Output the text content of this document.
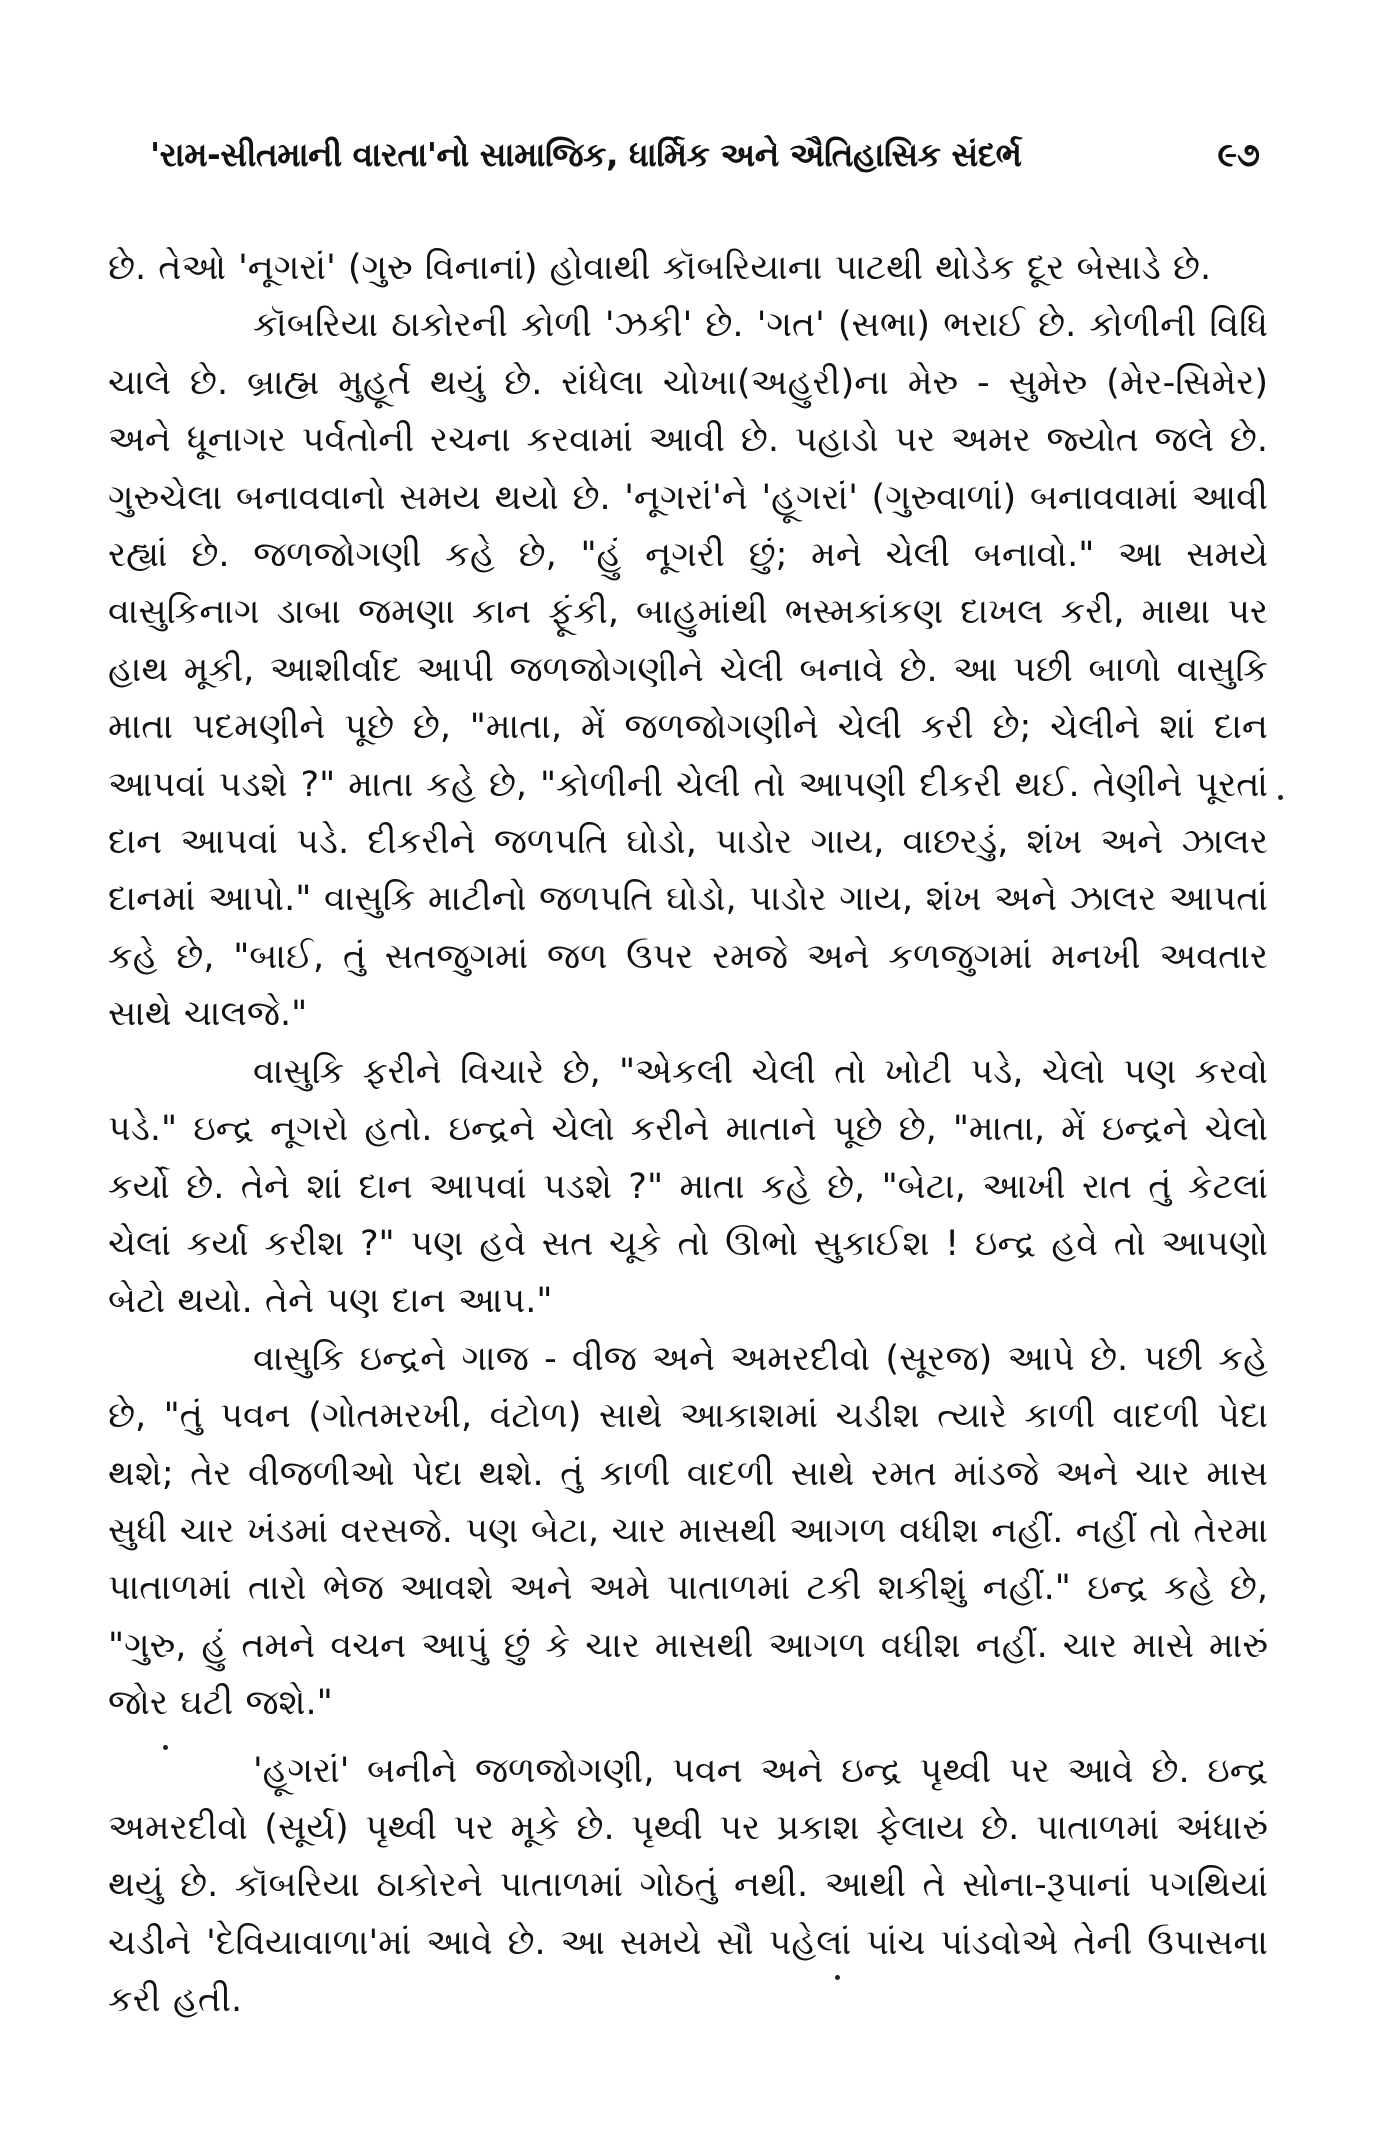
'રામ-સીતમાની વારતા'નો સામાજિક, ધાર્મિક અને ઐતિહાસિક સંદર્ભ	૯૭

છે. તેઓ 'નૂગરાં' (ગુરુ વિનાનાં) હોવાથી કૉબરિયાના પાટથી થોડેક દૂર બેસાડે છે.

કૉબરિયા ઠાકોરની કોળી 'ઝકી' છે. 'ગત' (સભા) ભરાઈ છે. કોળીની વિધિ ચાલે છે. બ્રાહ્મ મુહૂર્ત થયું છે. રાંધેલા ચોખા(અહુરી)ના મેરુ - સુમેરુ (મેર-સિમેર) અને ધૂનાગર પર્વતોની રચના કરવામાં આવી છે. પહાડો પર અમર જ્યોત જલે છે. ગુરુચેલા બનાવવાનો સમય થયો છે. 'નૂગરાં'ને 'હૂગરાં' (ગુરુવાળાં) બનાવવામાં આવી રહ્યાં છે. જળજોગણી કહે છે, "હું નૂગરી છું; મને ચેલી બનાવો." આ સમયે વાસુકિનાગ ડાબા જમણા કાન ફૂંકી, બાહુમાંથી ભસ્મકાંકણ દાખલ કરી, માથા પર હાથ મૂકી, આશીર્વાદ આપી જળજોગણીને ચેલી બનાવે છે. આ પછી બાળો વાસુકિ માતા પદમણીને પૂછે છે, "માતા, મેં જળજોગણીને ચેલી કરી છે; ચેલીને શાં દાન આપવાં પડશે ?" માતા કહે છે, "કોળીની ચેલી તો આપણી દીકરી થઈ. તેણીને પૂરતાં દાન આપવાં પડે. દીકરીને જળપતિ ઘોડો, પાડોર ગાય, વાછરડું, શંખ અને ઝાલર દાનમાં આપો." વાસુકિ માટીનો જળપતિ ઘોડો, પાડોર ગાય, શંખ અને ઝાલર આપતાં કહે છે, "બાઈ, તું સતજુગમાં જળ ઉપર રમજે અને કળજુગમાં મનખી અવતાર સાથે ચાલજે."

વાસુકિ ફરીને વિચારે છે, "એકલી ચેલી તો ખોટી પડે, ચેલો પણ કરવો પડે." ઇન્દ્ર નૂગરો હતો. ઇન્દ્રને ચેલો કરીને માતાને પૂછે છે, "માતા, મેં ઇન્દ્રને ચેલો કર્યો છે. તેને શાં દાન આપવાં પડશે ?" માતા કહે છે, "બેટા, આખી રાત તું કેટલાં ચેલાં કર્યા કરીશ ?" પણ હવે સત ચૂકે તો ઊભો સુકાઈશ ! ઇન્દ્ર હવે તો આપણો બેટો થયો. તેને પણ દાન આપ."

વાસુકિ ઇન્દ્રને ગાજ - વીજ અને અમરદીવો (સૂરજ) આપે છે. પછી કહે છે, "તું પવન (ગોતમરખી, વંટોળ) સાથે આકાશમાં ચડીશ ત્યારે કાળી વાદળી પેદા થશે; તેર વીજળીઓ પેદા થશે. તું કાળી વાદળી સાથે રમત માંડજે અને ચાર માસ સુધી ચાર ખંડમાં વરસજે. પણ બેટા, ચાર માસથી આગળ વધીશ નહીં. નહીં તો તેરમા પાતાળમાં તારો ભેજ આવશે અને અમે પાતાળમાં ટકી શકીશું નહીં." ઇન્દ્ર કહે છે, "ગુરુ, હું તમને વચન આપું છું કે ચાર માસથી આગળ વધીશ નહીં. ચાર માસે મારું જોર ઘટી જશે."

'હૂગરાં' બનીને જળજોગણી, પવન અને ઇન્દ્ર પૃથ્વી પર આવે છે. ઇન્દ્ર અમરદીવો (સૂર્ય) પૃથ્વી પર મૂકે છે. પૃથ્વી પર પ્રકાશ ફેલાય છે. પાતાળમાં અંધારું થયું છે. કૉબરિયા ઠાકોરને પાતાળમાં ગોઠતું નથી. આથી તે સોના-રૂપાનાં પગથિયાં ચડીને 'દેવિયાવાળા'માં આવે છે. આ સમયે સૌ પહેલાં પાંચ પાંડવોએ તેની ઉપાસના કરી હતી.
